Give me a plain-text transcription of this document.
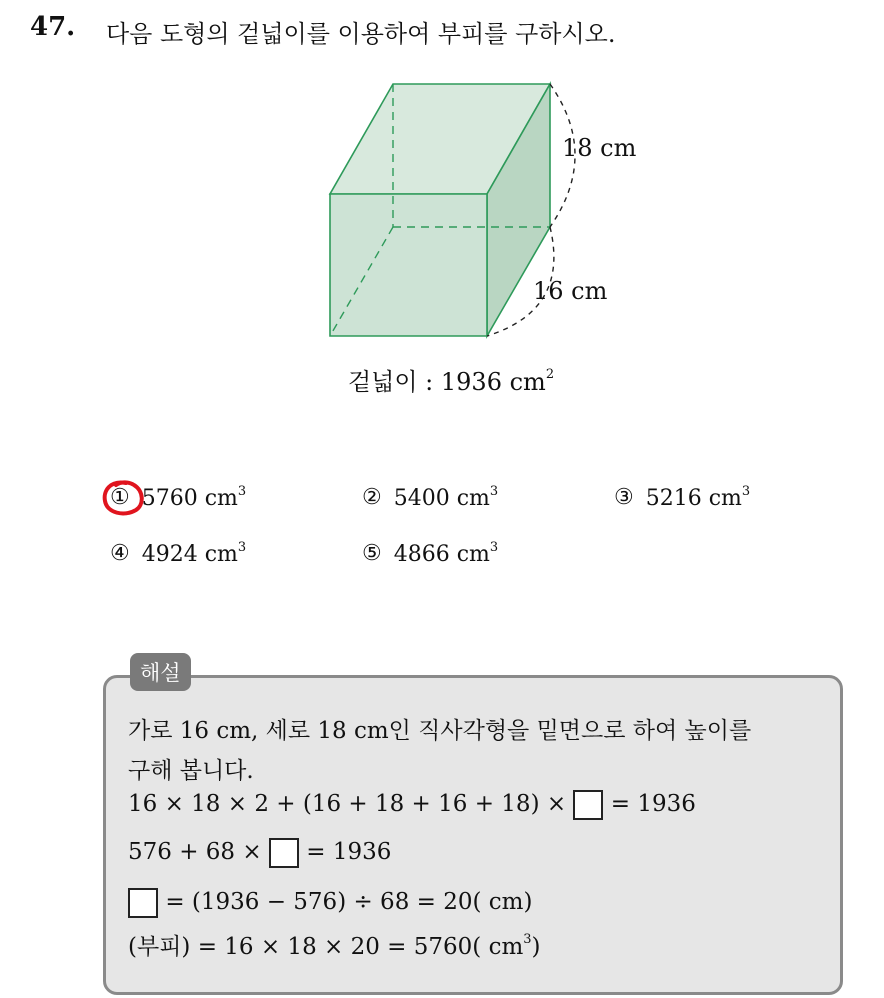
47. 다음 도형의 겉넓이를 이용하여 부피를 구하시오.
18 cm
16 cm
겉넓이 : 1936 $cm^2$
① 5760 $cm^3$	② 5400 $cm^3$	③ 5216 $cm^3$
④ 4924 $cm^3$	⑤ 4866 $cm^3$
해설
가로 16 cm, 세로 18 cm인 직사각형을 밑면으로 하여 높이를
구해 봅니다.
16 × 18 × 2 + (16 + 18 + 16 + 18) × = 1936
576 + 68 × = 1936
= (1936 − 576) ÷ 68 = 20( cm)
(부피) = 16 × 18 × 20 = 5760( $cm^3$)
